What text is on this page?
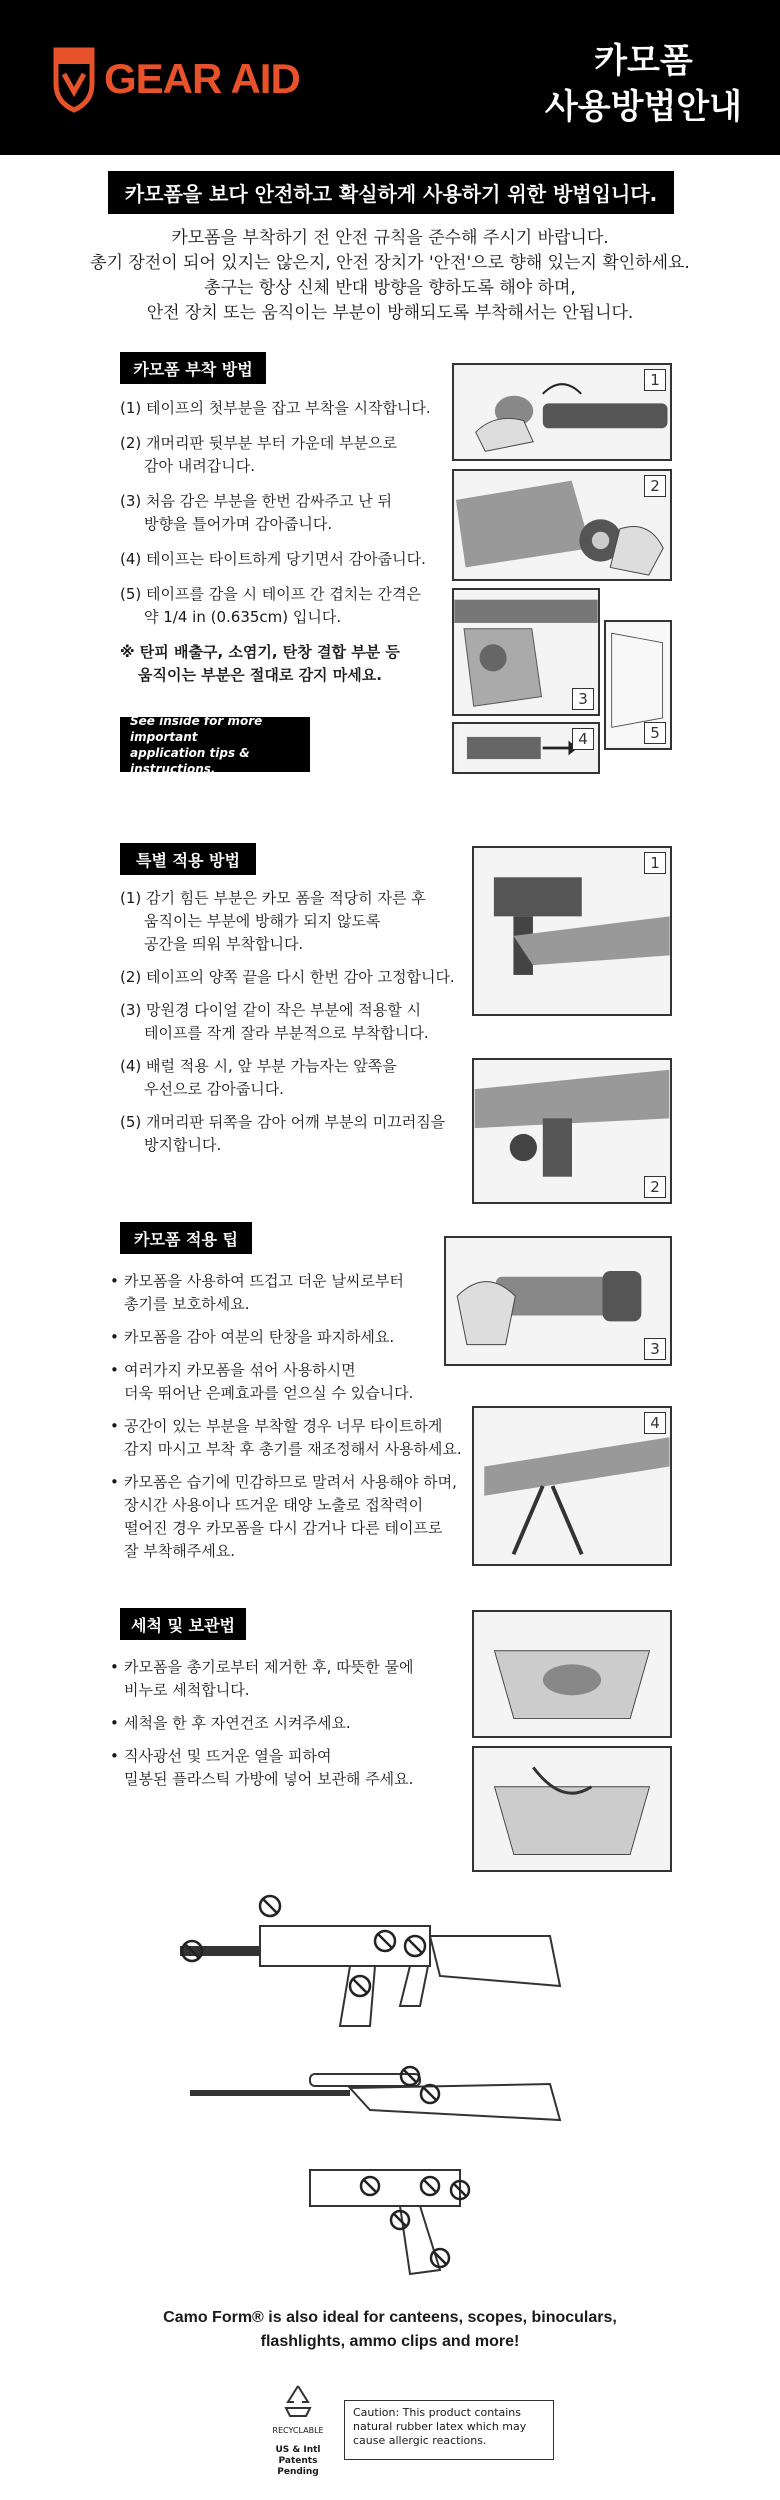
GEAR AID	카모폼
사용방법안내
카모폼을 보다 안전하고 확실하게 사용하기 위한 방법입니다.
카모폼을 부착하기 전 안전 규칙을 준수해 주시기 바랍니다.
총기 장전이 되어 있지는 않은지, 안전 장치가 '안전'으로 향해 있는지 확인하세요.
총구는 항상 신체 반대 방향을 향하도록 해야 하며,
안전 장치 또는 움직이는 부분이 방해되도록 부착해서는 안됩니다.
카모폼 부착 방법
(1) 테이프의 첫부분을 잡고 부착을 시작합니다.
(2) 개머리판 뒷부분 부터 가운데 부분으로
감아 내려갑니다.
(3) 처음 감은 부분을 한번 감싸주고 난 뒤
방향을 틀어가며 감아줍니다.
(4) 테이프는 타이트하게 당기면서 감아줍니다.
(5) 테이프를 감을 시 테이프 간 겹치는 간격은
약 1/4 in (0.635cm) 입니다.
※ 탄피 배출구, 소염기, 탄창 결합 부분 등
움직이는 부분은 절대로 감지 마세요.
See inside for more important
application tips & instructions.
1
2
3
5
4
특별 적용 방법
(1) 감기 힘든 부분은 카모 폼을 적당히 자른 후
움직이는 부분에 방해가 되지 않도록
공간을 띄워 부착합니다.
(2) 테이프의 양쪽 끝을 다시 한번 감아 고정합니다.
(3) 망원경 다이얼 같이 작은 부분에 적용할 시
테이프를 작게 잘라 부분적으로 부착합니다.
(4) 배럴 적용 시, 앞 부분 가늠자는 앞쪽을
우선으로 감아줍니다.
(5) 개머리판 뒤쪽을 감아 어깨 부분의 미끄러짐을
방지합니다.
1
2
카모폼 적용 팁
• 카모폼을 사용하여 뜨겁고 더운 날씨로부터
총기를 보호하세요.
• 카모폼을 감아 여분의 탄창을 파지하세요.
• 여러가지 카모폼을 섞어 사용하시면
더욱 뛰어난 은폐효과를 얻으실 수 있습니다.
• 공간이 있는 부분을 부착할 경우 너무 타이트하게
감지 마시고 부착 후 총기를 재조정해서 사용하세요.
• 카모폼은 습기에 민감하므로 말려서 사용해야 하며,
장시간 사용이나 뜨거운 태양 노출로 접착력이
떨어진 경우 카모폼을 다시 감거나 다른 테이프로
잘 부착해주세요.
3
4
세척 및 보관법
• 카모폼을 총기로부터 제거한 후, 따뜻한 물에
비누로 세척합니다.
• 세척을 한 후 자연건조 시켜주세요.
• 직사광선 및 뜨거운 열을 피하여
밀봉된 플라스틱 가방에 넣어 보관해 주세요.
Camo Form® is also ideal for canteens, scopes, binoculars,
flashlights, ammo clips and more!
RECYCLABLE
US & Intl
Patents Pending
Caution: This product contains natural rubber latex which may cause allergic reactions.
